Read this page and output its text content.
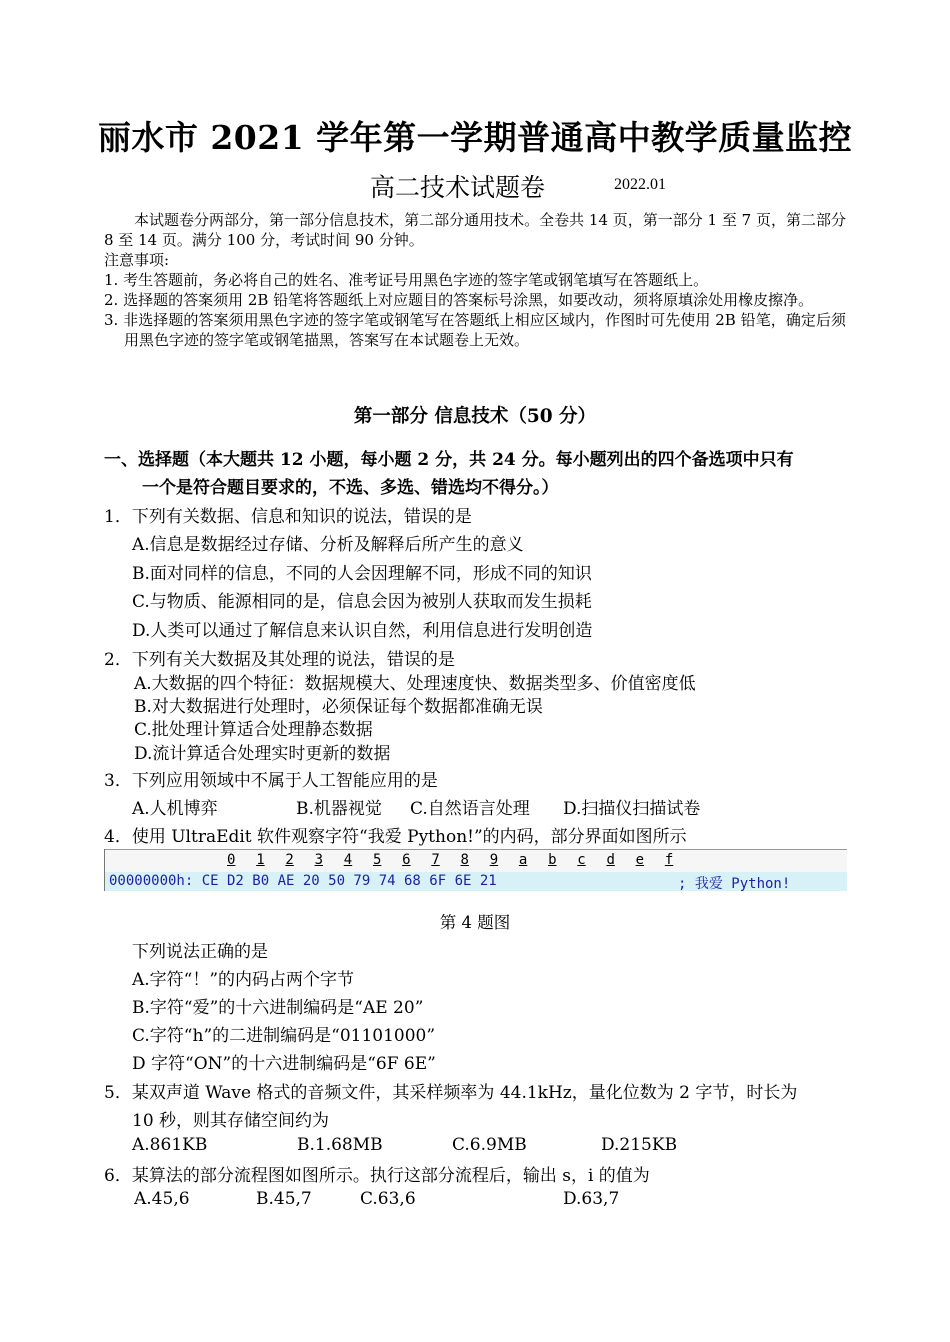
丽水市 2021 学年第一学期普通高中教学质量监控
高二技术试题卷	2022.01

本试题卷分两部分，第一部分信息技术，第二部分通用技术。全卷共 14 页，第一部分 1 至 7 页，第二部分 8 至 14 页。满分 100 分，考试时间 90 分钟。

注意事项:

1. 考生答题前，务必将自己的姓名、准考证号用黑色字迹的签字笔或钢笔填写在答题纸上。

2. 选择题的答案须用 2B 铅笔将答题纸上对应题目的答案标号涂黑，如要改动，须将原填涂处用橡皮擦净。

3. 非选择题的答案须用黑色字迹的签字笔或钢笔写在答题纸上相应区域内，作图时可先使用 2B 铅笔，确定后须用黑色字迹的签字笔或钢笔描黑，答案写在本试题卷上无效。

第一部分 信息技术（50 分）

一、选择题（本大题共 12 小题，每小题 2 分，共 24 分。每小题列出的四个备选项中只有

一个是符合题目要求的，不选、多选、错选均不得分。）

1．下列有关数据、信息和知识的说法，错误的是
A.信息是数据经过存储、分析及解释后所产生的意义
B.面对同样的信息，不同的人会因理解不同，形成不同的知识
C.与物质、能源相同的是，信息会因为被别人获取而发生损耗
D.人类可以通过了解信息来认识自然，利用信息进行发明创造
2．下列有关大数据及其处理的说法，错误的是
A.大数据的四个特征：数据规模大、处理速度快、数据类型多、价值密度低
B.对大数据进行处理时，必须保证每个数据都准确无误
C.批处理计算适合处理静态数据
D.流计算适合处理实时更新的数据
3．下列应用领域中不属于人工智能应用的是
A.人机博弈	B.机器视觉 C.自然语言处理 D.扫描仪扫描试卷
4．使用 UltraEdit 软件观察字符“我爱 Python!”的内码，部分界面如图所示
0 1 2 3 4 5 6 7 8 9 a b c d e f
00000000h: CE D2 B0 AE 20 50 79 74 68 6F 6E 21	; 我爱 Python!
第 4 题图
下列说法正确的是
A.字符“！”的内码占两个字节
B.字符“爱”的十六进制编码是“AE 20”
C.字符“h”的二进制编码是“01101000”
D 字符“ON”的十六进制编码是“6F 6E”
5．某双声道 Wave 格式的音频文件，其采样频率为 44.1kHz，量化位数为 2 字节，时长为
10 秒，则其存储空间约为
A.861KB	B.1.68MB	C.6.9MB	D.215KB
6．某算法的部分流程图如图所示。执行这部分流程后，输出 s，i 的值为
A.45,6	B.45,7	C.63,6	D.63,7
